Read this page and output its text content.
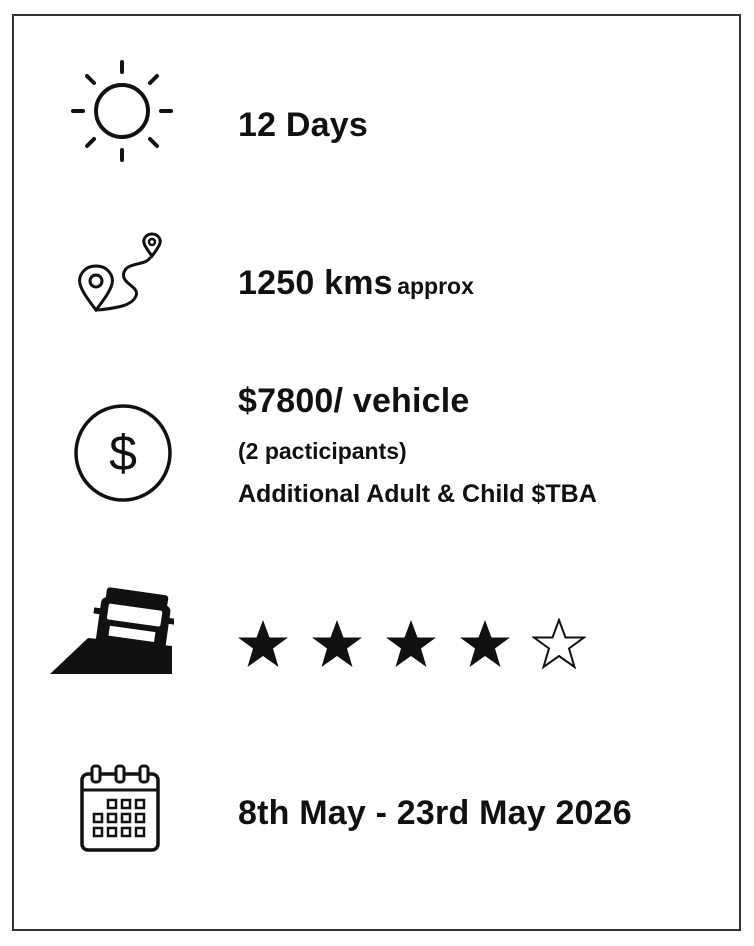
12 Days
1250 kms approx
$
$7800/ vehicle
(2 pacticipants)
Additional Adult & Child $TBA
8th May - 23rd May 2026
